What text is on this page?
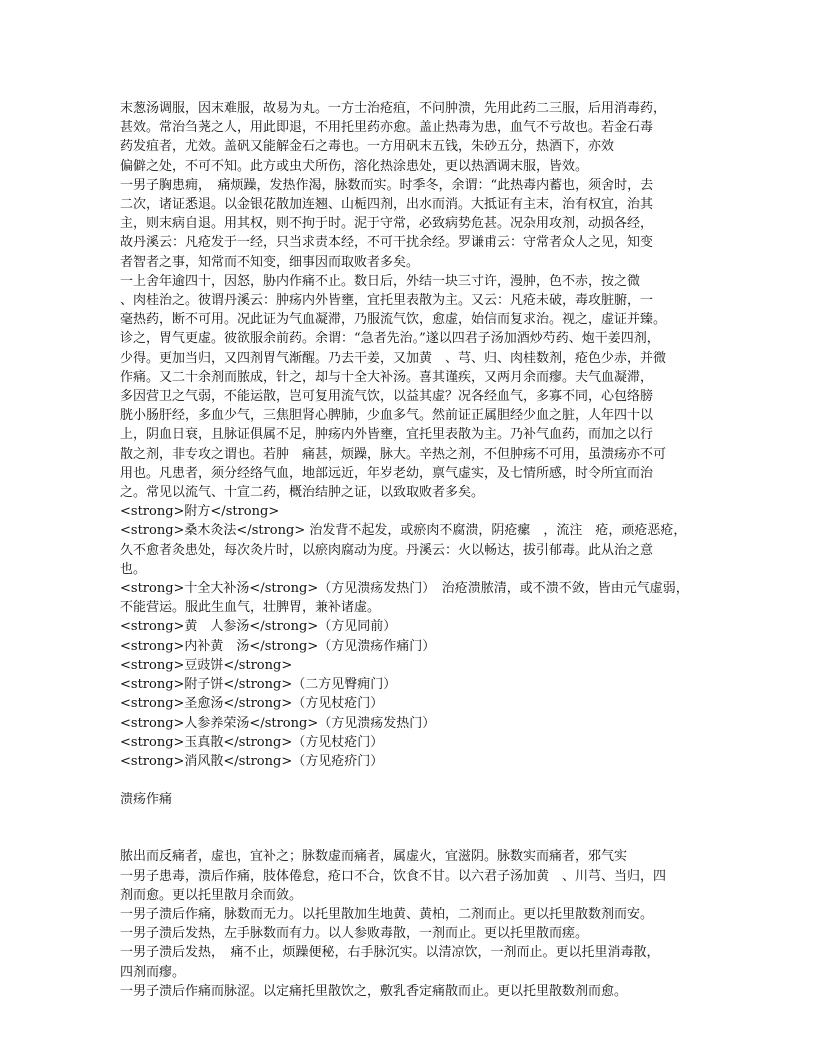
末葱汤调服，因末难服，故易为丸。一方士治疮疽，不问肿溃，先用此药二三服，后用消毒药，

甚效。常治刍荛之人，用此即退，不用托里药亦愈。盖止热毒为患，血气不亏故也。若金石毒

药发疽者，尤效。盖矾又能解金石之毒也。一方用矾末五钱，朱砂五分，热酒下，亦效

偏僻之处，不可不知。此方或虫犬所伤，溶化热涂患处，更以热酒调末服，皆效。

一男子胸患痈，　痛烦躁，发热作渴，脉数而实。时季冬，余谓：“此热毒内蓄也，须舍时，去

二次，诸证悉退。以金银花散加连翘、山栀四剂，出水而消。大抵证有主末，治有权宜，治其

主，则末病自退。用其权，则不拘于时。泥于守常，必致病势危甚。况杂用攻剂，动损各经，

故丹溪云：凡疮发于一经，只当求责本经，不可干扰余经。罗谦甫云：守常者众人之见，知变

者智者之事，知常而不知变，细事因而取败者多矣。

一上舍年逾四十，因怒，胁内作痛不止。数日后，外结一块三寸许，漫肿，色不赤，按之微

、肉桂治之。彼谓丹溪云：肿疡内外皆壅，宜托里表散为主。又云：凡疮未破，毒攻脏腑，一

毫热药，断不可用。况此证为气血凝滞，乃服流气饮，愈虚，始信而复求治。视之，虚证并臻。

诊之，胃气更虚。彼欲服余前药。余谓：“急者先治。”遂以四君子汤加酒炒芍药、炮干姜四剂，

少得。更加当归，又四剂胃气渐醒。乃去干姜，又加黄　、芎、归、肉桂数剂，疮色少赤，并微

作痛。又二十余剂而脓成，针之，却与十全大补汤。喜其谨疾，又两月余而瘳。夫气血凝滞，

多因营卫之气弱，不能运散，岂可复用流气饮，以益其虚？况各经血气，多寡不同，心包络膀

胱小肠肝经，多血少气，三焦胆肾心脾肺，少血多气。然前证正属胆经少血之脏，人年四十以

上，阴血日衰，且脉证俱属不足，肿疡内外皆壅，宜托里表散为主。乃补气血药，而加之以行

散之剂，非专攻之谓也。若肿　痛甚，烦躁，脉大。辛热之剂，不但肿疡不可用，虽溃疡亦不可

用也。凡患者，须分经络气血，地部远近，年岁老幼，禀气虚实，及七情所感，时令所宜而治

之。常见以流气、十宣二药，概治结肿之证，以致取败者多矣。

<strong>附方</strong>

<strong>桑木灸法</strong> 治发背不起发，或瘀肉不腐溃，阴疮瘰　，流注　疮，顽疮恶疮，

久不愈者灸患处，每次灸片时，以瘀肉腐动为度。丹溪云：火以畅达，拔引郁毒。此从治之意

也。

<strong>十全大补汤</strong>（方见溃疡发热门）　治疮溃脓清，或不溃不敛，皆由元气虚弱，

不能营运。服此生血气，壮脾胃，兼补诸虚。

<strong>黄　人参汤</strong>（方见同前）

<strong>内补黄　汤</strong>（方见溃疡作痛门）

<strong>豆豉饼</strong>

<strong>附子饼</strong>（二方见臀痈门）

<strong>圣愈汤</strong>（方见杖疮门）

<strong>人参养荣汤</strong>（方见溃疡发热门）

<strong>玉真散</strong>（方见杖疮门）

<strong>消风散</strong>（方见疮疥门）

溃疡作痛

脓出而反痛者，虚也，宜补之；脉数虚而痛者，属虚火，宜滋阴。脉数实而痛者，邪气实

一男子患毒，溃后作痛，肢体倦怠，疮口不合，饮食不甘。以六君子汤加黄　、川芎、当归，四

剂而愈。更以托里散月余而敛。

一男子溃后作痛，脉数而无力。以托里散加生地黄、黄柏，二剂而止。更以托里散数剂而安。

一男子溃后发热，左手脉数而有力。以人参败毒散，一剂而止。更以托里散而瘥。

一男子溃后发热，　痛不止，烦躁便秘，右手脉沉实。以清凉饮，一剂而止。更以托里消毒散，

四剂而瘳。

一男子溃后作痛而脉涩。以定痛托里散饮之，敷乳香定痛散而止。更以托里散数剂而愈。
